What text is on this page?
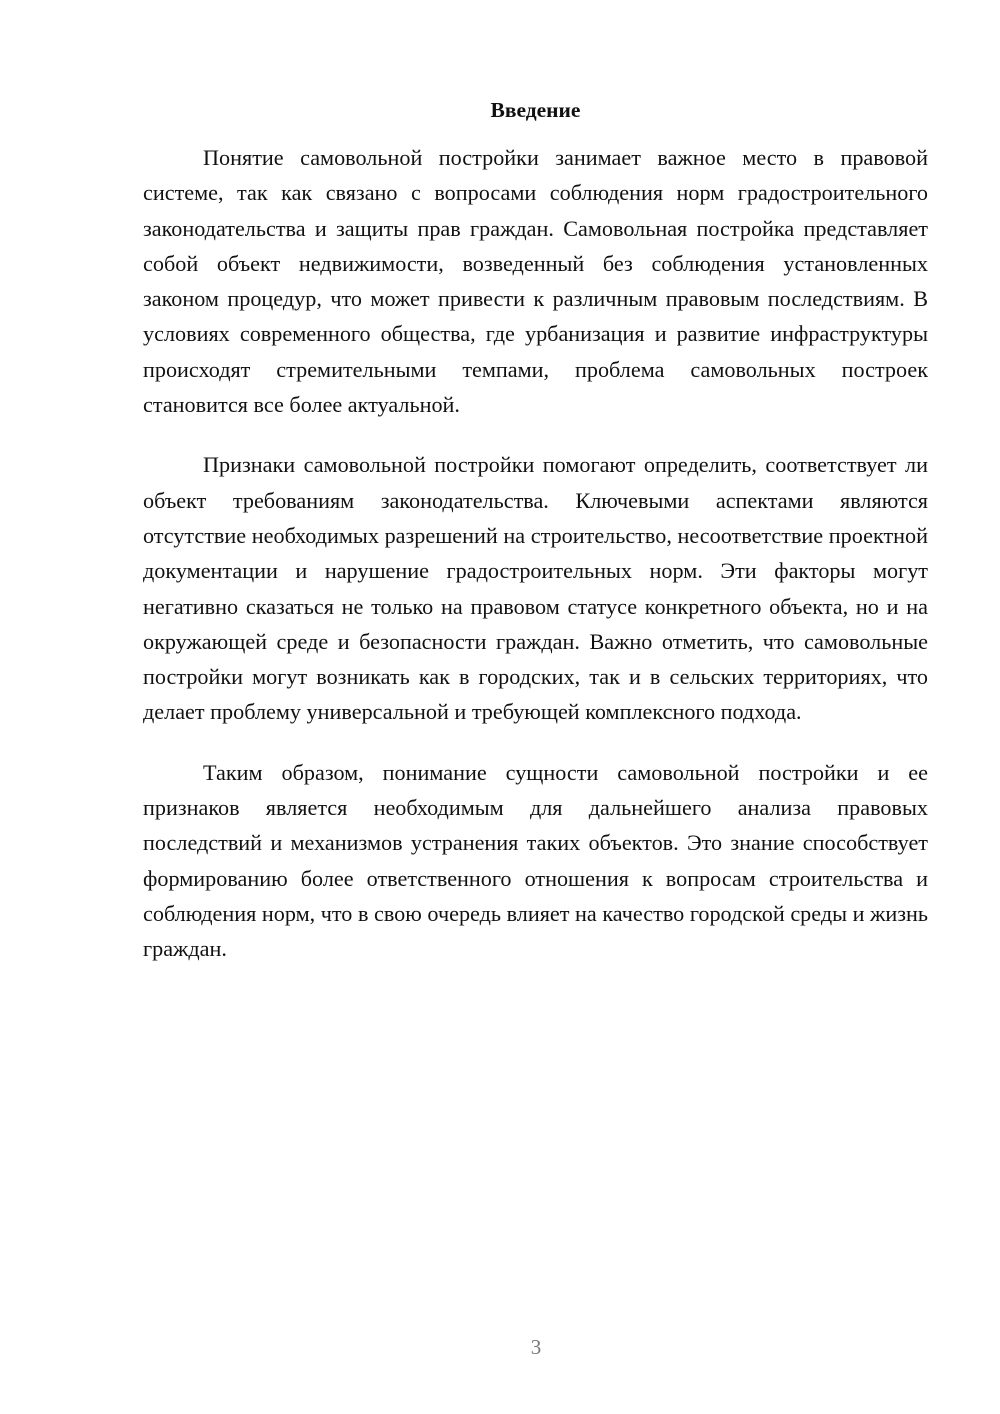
Введение

Понятие самовольной постройки занимает важное место в правовой системе, так как связано с вопросами соблюдения норм градостроительного законодательства и защиты прав граждан. Самовольная постройка представляет собой объект недвижимости, возведенный без соблюдения установленных законом процедур, что может привести к различным правовым последствиям. В условиях современного общества, где урбанизация и развитие инфраструктуры происходят стремительными темпами, проблема самовольных построек становится все более актуальной.

Признаки самовольной постройки помогают определить, соответствует ли объект требованиям законодательства. Ключевыми аспектами являются отсутствие необходимых разрешений на строительство, несоответствие проектной документации и нарушение градостроительных норм. Эти факторы могут негативно сказаться не только на правовом статусе конкретного объекта, но и на окружающей среде и безопасности граждан. Важно отметить, что самовольные постройки могут возникать как в городских, так и в сельских территориях, что делает проблему универсальной и требующей комплексного подхода.

Таким образом, понимание сущности самовольной постройки и ее признаков является необходимым для дальнейшего анализа правовых последствий и механизмов устранения таких объектов. Это знание способствует формированию более ответственного отношения к вопросам строительства и соблюдения норм, что в свою очередь влияет на качество городской среды и жизнь граждан.

3
